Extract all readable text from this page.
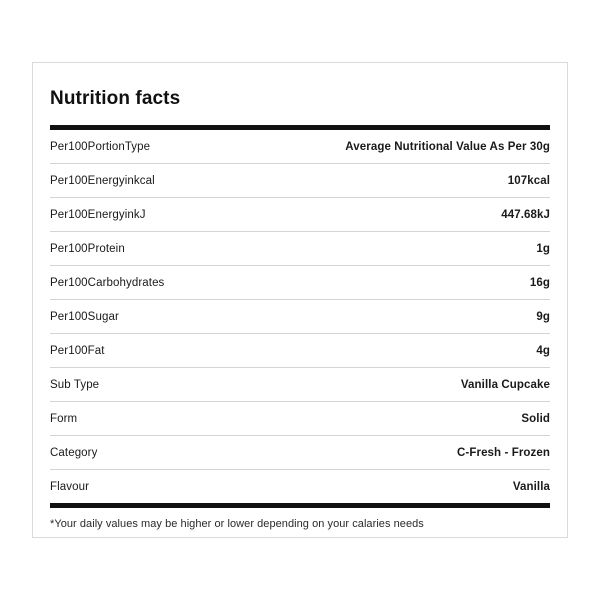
Nutrition facts
Per100PortionType	Average Nutritional Value As Per 30g
Per100Energyinkcal	107kcal
Per100EnergyinkJ	447.68kJ
Per100Protein	1g
Per100Carbohydrates	16g
Per100Sugar	9g
Per100Fat	4g
Sub Type	Vanilla Cupcake
Form	Solid
Category	C-Fresh - Frozen
Flavour	Vanilla
*Your daily values may be higher or lower depending on your calaries needs
